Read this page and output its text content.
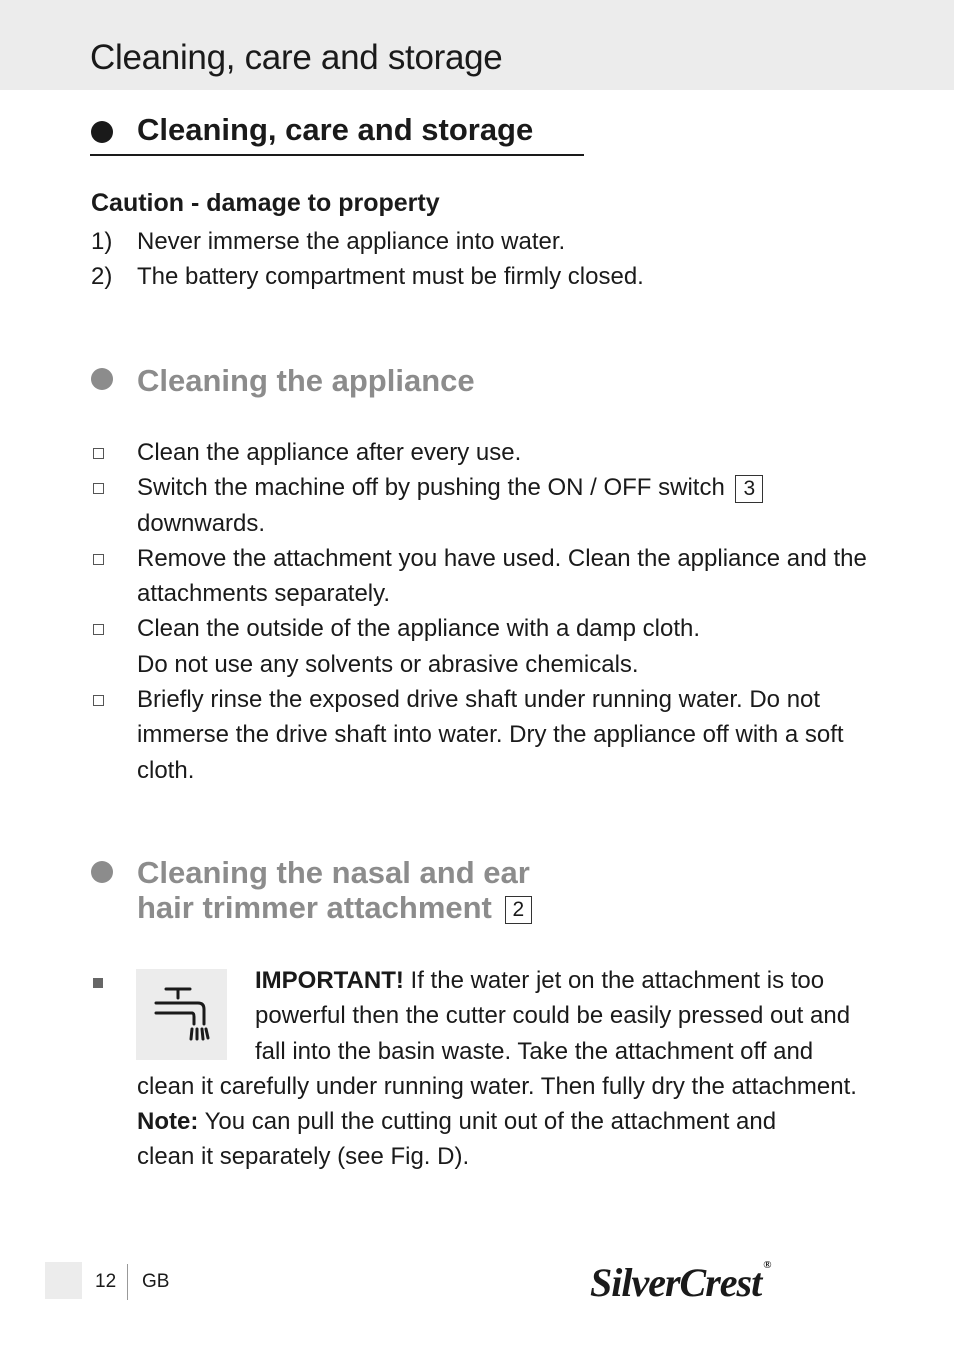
Cleaning, care and storage
Cleaning, care and storage
Caution - damage to property
1) Never immerse the appliance into water.
2) The battery compartment must be firmly closed.
Cleaning the appliance
Clean the appliance after every use.
Switch the machine off by pushing the ON / OFF switch 3
downwards.
Remove the attachment you have used. Clean the appliance and the attachments separately.
Clean the outside of the appliance with a damp cloth.
Do not use any solvents or abrasive chemicals.
Briefly rinse the exposed drive shaft under running water. Do not immerse the drive shaft into water. Dry the appliance off with a soft cloth.
Cleaning the nasal and ear
hair trimmer attachment 2
IMPORTANT! If the water jet on the attachment is too
powerful then the cutter could be easily pressed out and
fall into the basin waste. Take the attachment off and
clean it carefully under running water. Then fully dry the attachment.
Note: You can pull the cutting unit out of the attachment and
clean it separately (see Fig. D).
12 GB	SilverCrest ®
